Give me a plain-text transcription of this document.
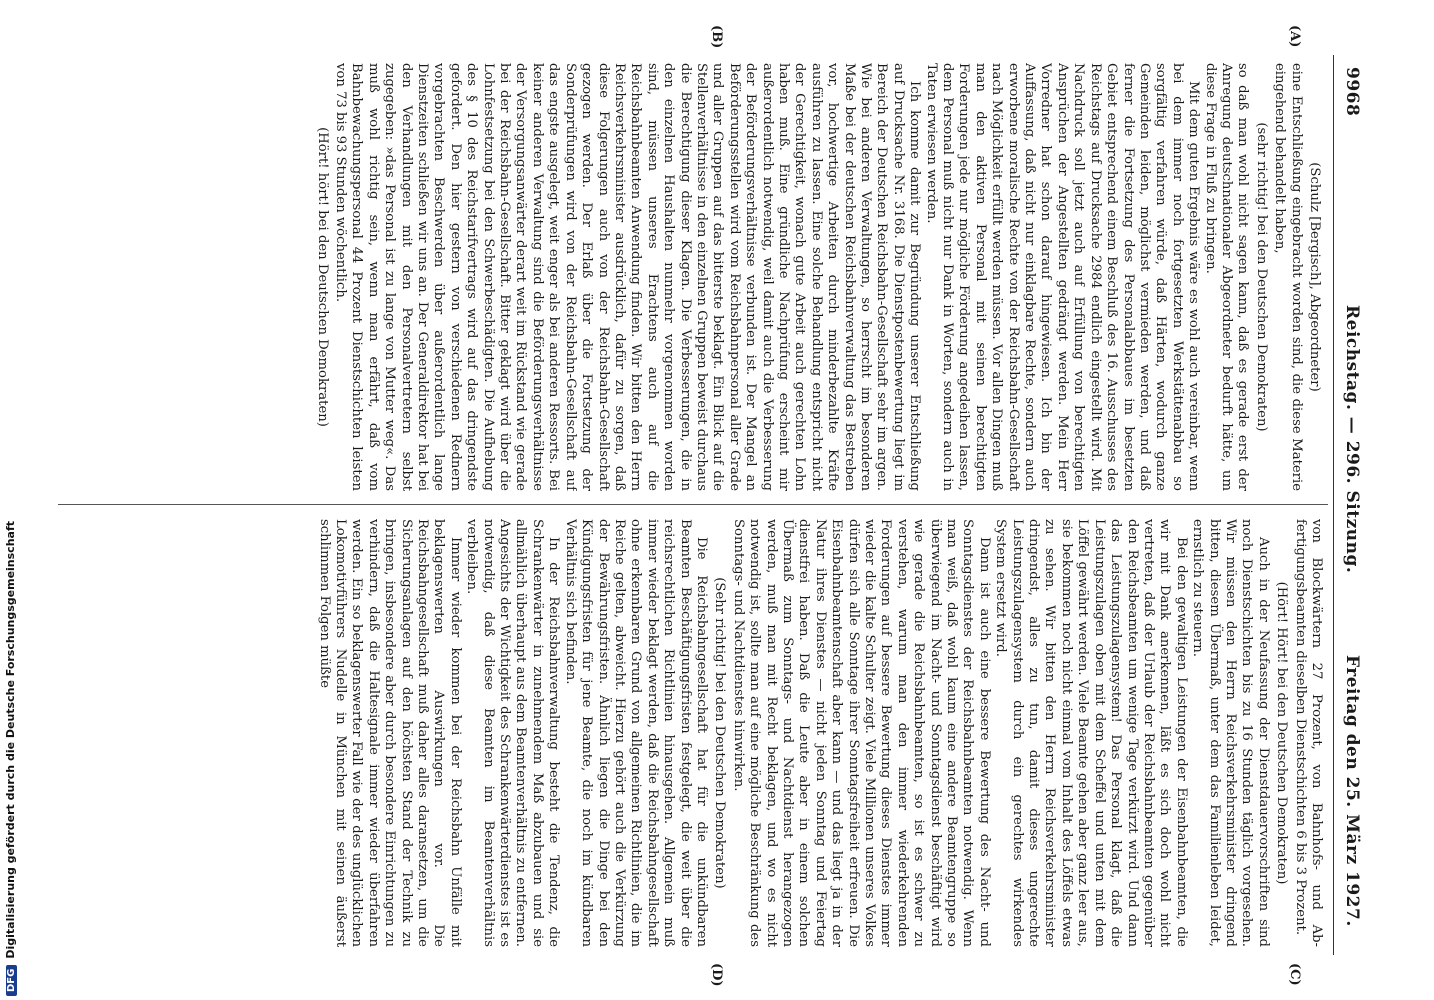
9968
Reichstag. — 296. Sitzung.
Freitag den 25. März 1927.
(A)
(B)
(C)
(D)

(Schulz [Bergisch], Abgeordneter)

eine Entschließung eingebracht worden sind, die diese Materie eingehend behandelt haben,

(sehr richtig! bei den Deutschen Demokraten)

so daß man wohl nicht sagen kann, daß es gerade erst der Anregung deutschnationaler Abgeordneter bedurft hätte, um diese Frage in Fluß zu bringen.

Mit dem guten Ergebnis wäre es wohl auch vereinbar, wenn bei dem immer noch fortgesetzten Werkstättenabbau so sorgfältig verfahren würde, daß Härten, wodurch ganze Gemeinden leiden, möglichst vermieden werden, und daß ferner die Fortsetzung des Personalabbaues im besetzten Gebiet entsprechend einem Beschluß des 16. Ausschusses des Reichstags auf Drucksache 2984 endlich eingestellt wird. Mit Nachdruck soll jetzt auch auf Erfüllung von berechtigten Ansprüchen der Angestellten gedrängt werden. Mein Herr Vorredner hat schon darauf hingewiesen. Ich bin der Auffassung, daß nicht nur einklagbare Rechte, sondern auch erworbene moralische Rechte von der Reichsbahn-Gesellschaft nach Möglichkeit erfüllt werden müssen. Vor allen Dingen muß man den aktiven Personal mit seinen berechtigten Forderungen jede nur mögliche Förderung angedeihen lassen, dem Personal muß nicht nur Dank in Worten, sondern auch in Taten erwiesen werden.

Ich komme damit zur Begründung unserer Entschließung auf Drucksache Nr. 3168. Die Dienstpostenbewertung liegt im Bereich der Deutschen Reichsbahn-Gesellschaft sehr im argen. Wie bei anderen Verwaltungen, so herrscht im besonderen Maße bei der deutschen Reichsbahnverwaltung das Bestreben vor, hochwertige Arbeiten durch minderbezahlte Kräfte ausführen zu lassen. Eine solche Behandlung entspricht nicht der Gerechtigkeit, wonach gute Arbeit auch gerechten Lohn haben muß. Eine gründliche Nachprüfung erscheint mir außerordentlich notwendig, weil damit auch die Verbesserung der Beförderungsverhältnisse verbunden ist. Der Mangel an Beförderungsstellen wird vom Reichsbahnpersonal aller Grade und aller Gruppen auf das bitterste beklagt. Ein Blick auf die Stellenverhältnisse in den einzelnen Gruppen beweist durchaus die Berechtigung dieser Klagen. Die Verbesserungen, die in den einzelnen Haushalten nunmehr vorgenommen worden sind, müssen unseres Erachtens auch auf die Reichsbahnbeamten Anwendung finden. Wir bitten den Herrn Reichsverkehrsminister ausdrücklich, dafür zu sorgen, daß diese Folgerungen auch von der Reichsbahn-Gesellschaft gezogen werden. Der Erlaß über die Fortsetzung der Sonderprüfungen wird von der Reichsbahn-Gesellschaft auf das engste ausgelegt, weit enger als bei anderen Ressorts. Bei keiner anderen Verwaltung sind die Beförderungsverhältnisse der Versorgungsanwärter derart weit im Rückstand wie gerade bei der Reichsbahn-Gesellschaft. Bitter geklagt wird über die Lohnfestsetzung bei den Schwerbeschädigten. Die Aufhebung des § 10 des Reichstarifvertrags wird auf das dringendste gefordert. Den hier gestern von verschiedenen Rednern vorgebrachten Beschwerden über außerordentlich lange Dienstzeiten schließen wir uns an. Der Generaldirektor hat bei den Verhandlungen mit den Personalvertretern selbst zugegeben: »das Personal ist zu lange von Mutter weg«. Das muß wohl richtig sein, wenn man erfährt, daß vom Bahnbewachungspersonal 44 Prozent Dienstschichten leisten von 73 bis 93 Stunden wöchentlich.

(Hört! hört! bei den Deutschen Demokraten)

von Blockwärtern 27 Prozent, von Bahnhofs- und Ab- fertigungsbeamten dieselben Dienstschichten 6 bis 3 Prozent.

(Hört! Hört! bei den Deutschen Demokraten)

Auch in der Neufassung der Dienstdauervorschriften sind noch Dienstschichten bis zu 16 Stunden täglich vorgesehen. Wir müssen den Herrn Reichsverkehrsminister dringend bitten, diesem Übermaß, unter dem das Familienleben leidet, ernstlich zu steuern.

Bei den gewaltigen Leistungen der Eisenbahnbeamten, die wir mit Dank anerkennen, läßt es sich doch wohl nicht vertreten, daß der Urlaub der Reichsbahnbeamten gegenüber den Reichsbeamten um wenige Tage verkürzt wird. Und dann das Leistungszulagensystem! Das Personal klagt, daß die Leistungszulagen oben mit dem Scheffel und unten mit dem Löffel gewährt werden. Viele Beamte gehen aber ganz leer aus, sie bekommen noch nicht einmal vom Inhalt des Löffels etwas zu sehen. Wir bitten den Herrn Reichsverkehrsminister dringendst, alles zu tun, damit dieses ungerechte Leistungszulagensystem durch ein gerechtes wirkendes System ersetzt wird.

Dann ist auch eine bessere Bewertung des Nacht- und Sonntagsdienstes der Reichsbahnbeamten notwendig. Wenn man weiß, daß wohl kaum eine andere Beamtengruppe so überwiegend im Nacht- und Sonntagsdienst beschäftigt wird wie gerade die Reichsbahnbeamten, so ist es schwer zu verstehen, warum man den immer wiederkehrenden Forderungen auf bessere Bewertung dieses Dienstes immer wieder die kalte Schulter zeigt. Viele Millionen unseres Volkes dürfen sich alle Sonntage ihrer Sonntagsfreiheit erfreuen. Die Eisenbahnbeamtenschaft aber kann — und das liegt ja in der Natur ihres Dienstes — nicht jeden Sonntag und Feiertag dienstfrei haben. Daß die Leute aber in einem solchen Übermaß zum Sonntags- und Nachtdienst herangezogen werden, muß man mit Recht beklagen, und wo es nicht notwendig ist, sollte man auf eine mögliche Beschränkung des Sonntags- und Nachtdienstes hinwirken.

(Sehr richtig! bei den Deutschen Demokraten)

Die Reichsbahngesellschaft hat für die unkündbaren Beamten Beschäftigungsfristen festgelegt, die weit über die reichsrechtlichen Richtlinien hinausgehen. Allgemein muß immer wieder beklagt werden, daß die Reichsbahngesellschaft ohne erkennbaren Grund von allgemeinen Richtlinien, die im Reiche gelten, abweicht. Hierzu gehört auch die Verkürzung der Bewährungsfristen. Ähnlich liegen die Dinge bei den Kündigungsfristen für jene Beamte, die noch im kündbaren Verhältnis sich befinden.

In der Reichsbahnverwaltung besteht die Tendenz, die Schrankenwärter in zunehmendem Maß abzubauen und sie allmählich überhaupt aus dem Beamtenverhältnis zu entfernen. Angesichts der Wichtigkeit des Schrankenwärterdienstes ist es notwendig, daß diese Beamten im Beamtenverhältnis verbleiben.

Immer wieder kommen bei der Reichsbahn Unfälle mit beklagenswerten Auswirkungen vor. Die Reichsbahngesellschaft muß daher alles daransetzen, um die Sicherungsanlagen auf den höchsten Stand der Technik zu bringen, insbesondere aber durch besondere Einrichtungen zu verhindern, daß die Haltesignale immer wieder überfahren werden. Ein so beklagenswerter Fall wie der des unglücklichen Lokomotivführers Nudelle in München mit seinen äußerst schlimmen Folgen müßte

DFGDigitalisierung gefördert durch die Deutsche Forschungsgemeinschaft
